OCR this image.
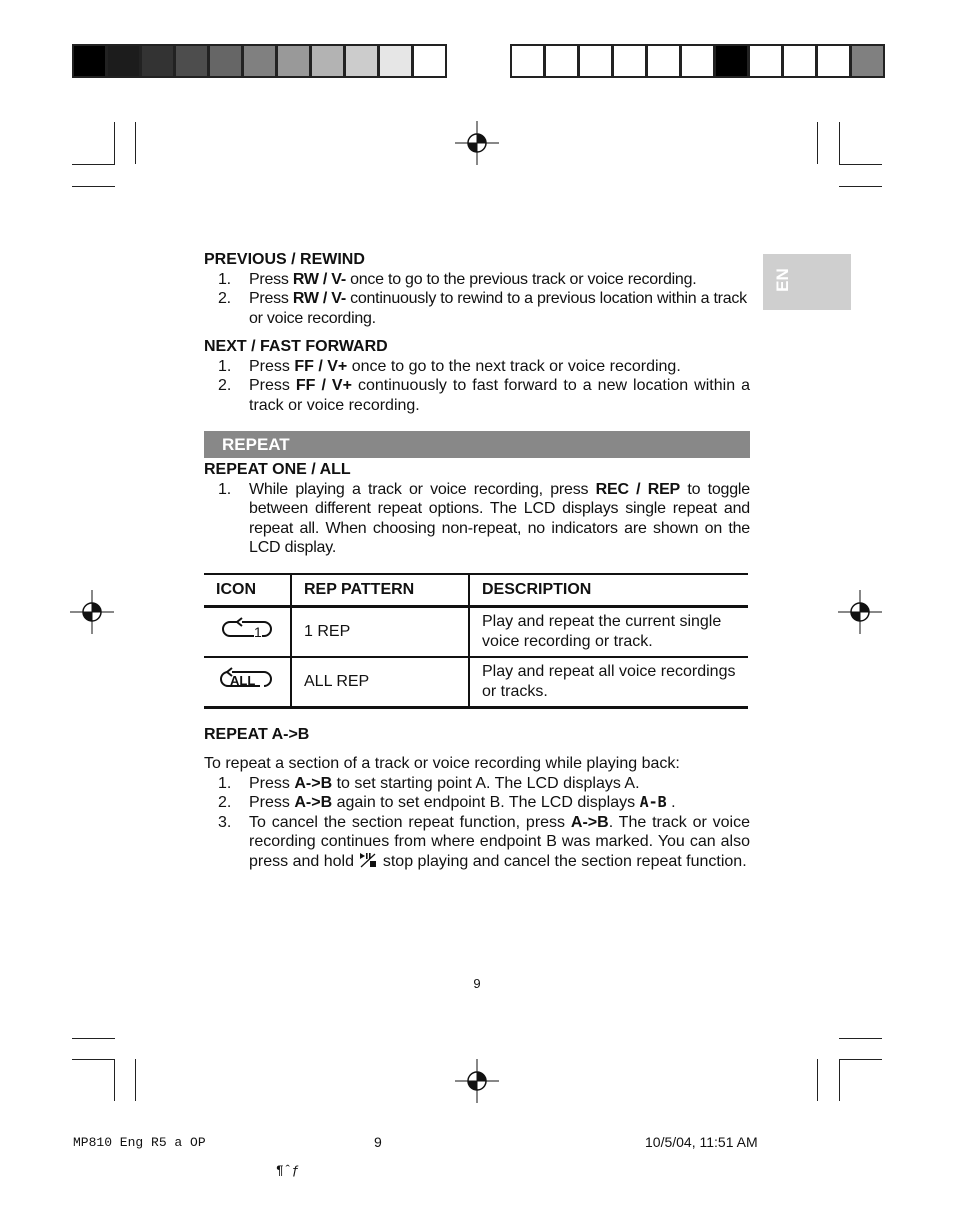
EN

PREVIOUS / REWIND

1. Press RW / V- once to go to the previous track or voice recording.
2. Press RW / V- continuously to rewind to a previous location within a track or voice recording.

NEXT / FAST FORWARD

1. Press FF / V+ once to go to the next track or voice recording.
2. Press FF / V+ continuously to fast forward to a new location within a track or voice recording.
REPEAT

REPEAT ONE / ALL

1. While playing a track or voice recording, press REC / REP to toggle between different repeat options. The LCD displays single repeat and repeat all. When choosing non-repeat, no indicators are shown on the LCD display.
ICON	REP PATTERN	DESCRIPTION

1	1 REP	Play and repeat the current single voice recording or track.

ALL	ALL REP	Play and repeat all voice recordings or tracks.

REPEAT A->B

To repeat a section of a track or voice recording while playing back:

1. Press A->B to set starting point A. The LCD displays A.
2. Press A->B again to set endpoint B. The LCD displays A-B .
3. To cancel the section repeat function, press A->B. The track or voice recording continues from where endpoint B was marked. You can also press and hold  stop playing and cancel the section repeat function.
9
MP810 Eng R5 a OP	9	10/5/04, 11:51 AM
¶ˆƒ
